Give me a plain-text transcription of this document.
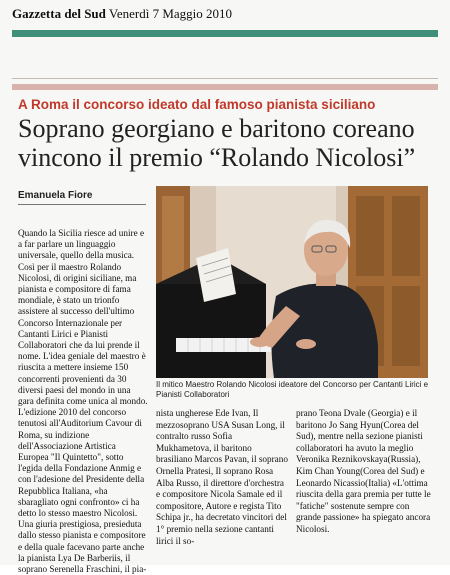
Gazzetta del Sud Venerdì 7 Maggio 2010
A Roma il concorso ideato dal famoso pianista siciliano
Soprano georgiano e baritono coreano vincono il premio “Rolando Nicolosi”
Emanuela Fiore
Quando la Sicilia riesce ad unire e a far parlare un linguaggio universale, quello della musica. Così per il maestro Rolando Nicolosi, di origini siciliane, ma pianista e compositore di fama mondiale, è stato un trionfo assistere al successo dell'ultimo Concorso Internazionale per Cantanti Lirici e Pianisti Collaboratori che da lui prende il nome. L'idea geniale del maestro è riuscita a mettere insieme 150 concorrenti provenienti da 30 diversi paesi del mondo in una gara definita come unica al mondo. L'edizione 2010 del concorso tenutosi all'Auditorium Cavour di Roma, su indizione dell'Associazione Artistica Europea "Il Quintetto", sotto l'egida della Fondazione Anmig e con l'adesione del Presidente della Repubblica Italiana, «ha sbaragliato ogni confronto» ci ha detto lo stesso maestro Nicolosi. Una giuria prestigiosa, presieduta dallo stesso pianista e compositore e della quale facevano parte anche la pianista Lya De Barberiis, il soprano Serenella Fraschini, il pia-
Il mitico Maestro Rolando Nicolosi ideatore del Concorso per Cantanti Lirici e Pianisti Collaboratori
nista ungherese Ede Ivan, Il mezzosoprano USA Susan Long, il contralto russo Sofia Mukhametova, il baritono brasiliano Marcos Pavan, il soprano Ornella Pratesi, Il soprano Rosa Alba Russo, il direttore d'orchestra e compositore Nicola Samale ed il compositore, Autore e regista Tito Schipa jr., ha decretato vincitori del 1° premio nella sezione cantanti lirici il so-
prano Teona Dvale (Georgia) e il baritono Jo Sang Hyun(Corea del Sud), mentre nella sezione pianisti collaboratori ha avuto la meglio Veronika Reznikovskaya(Russia), Kim Chan Young(Corea del Sud) e Leonardo Nicassio(Italia) «L'ottima riuscita della gara premia per tutte le "fatiche" sostenute sempre con grande passione» ha spiegato ancora Nicolosi.
